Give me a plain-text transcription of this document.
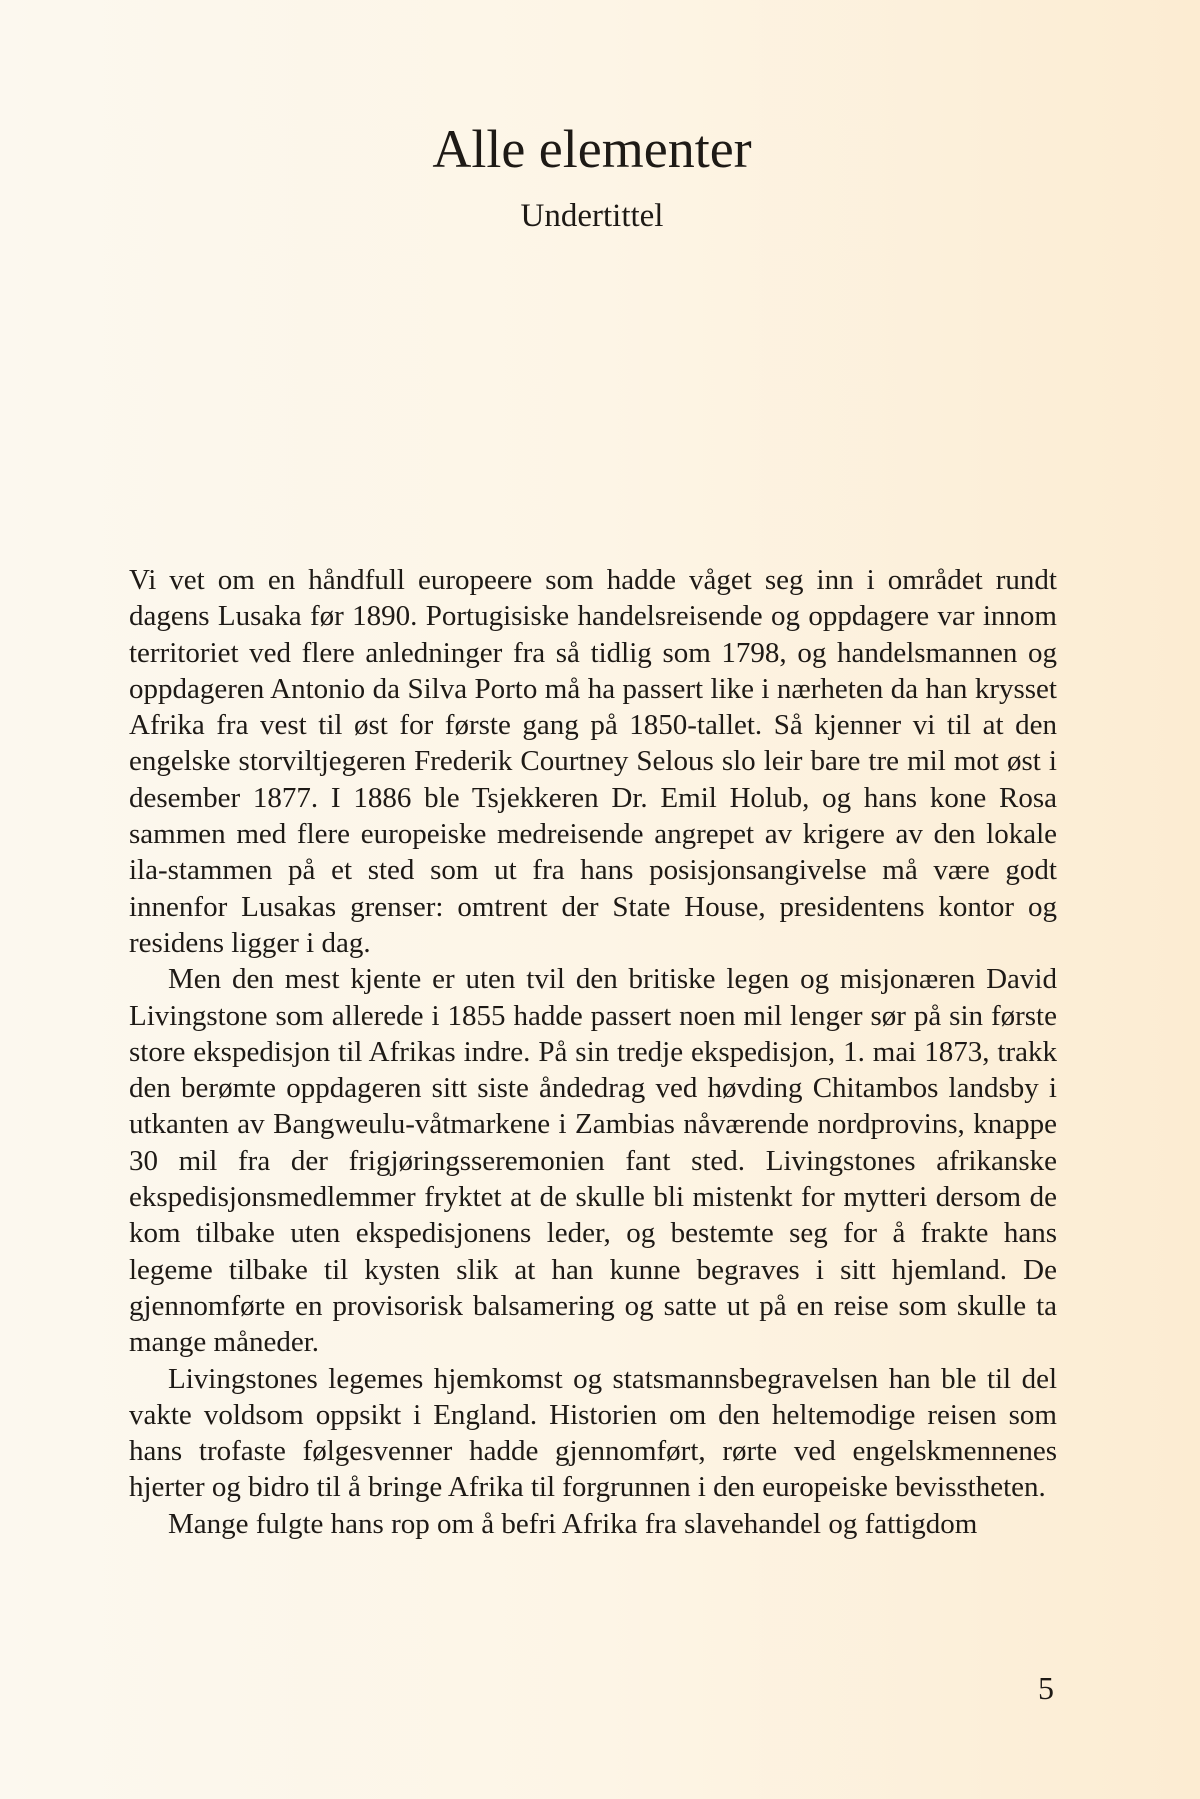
Alle elementer
Undertittel

Vi vet om en håndfull europeere som hadde våget seg inn i området rundt dagens Lusaka før 1890. Portugisiske handelsreisende og oppdagere var innom territoriet ved flere anledninger fra så tidlig som 1798, og handelsmannen og oppdageren Antonio da Silva Porto må ha passert like i nærheten da han krysset Afrika fra vest til øst for første gang på 1850-tallet. Så kjenner vi til at den engelske storviltjegeren Frederik Courtney Selous slo leir bare tre mil mot øst i desember 1877. I 1886 ble Tsjekkeren Dr. Emil Holub, og hans kone Rosa sammen med flere europeiske medreisende angrepet av krigere av den lokale ila-stammen på et sted som ut fra hans posisjonsangivelse må være godt innenfor Lusakas grenser: omtrent der State House, presidentens kontor og residens ligger i dag.

Men den mest kjente er uten tvil den britiske legen og misjonæren David Livingstone som allerede i 1855 hadde passert noen mil lenger sør på sin første store ekspedisjon til Afrikas indre. På sin tredje ekspedisjon, 1. mai 1873, trakk den berømte oppdageren sitt siste åndedrag ved høvding Chitambos landsby i utkanten av Bangweulu-våtmarkene i Zambias nåværende nordprovins, knappe 30 mil fra der frigjøringsseremonien fant sted. Livingstones afrikanske ekspedisjonsmedlemmer fryktet at de skulle bli mistenkt for mytteri dersom de kom tilbake uten ekspedisjonens leder, og bestemte seg for å frakte hans legeme tilbake til kysten slik at han kunne begraves i sitt hjemland. De gjennomførte en provisorisk balsamering og satte ut på en reise som skulle ta mange måneder.

Livingstones legemes hjemkomst og statsmannsbegravelsen han ble til del vakte voldsom oppsikt i England. Historien om den heltemodige reisen som hans trofaste følgesvenner hadde gjennomført, rørte ved engelskmennenes hjerter og bidro til å bringe Afrika til forgrunnen i den europeiske bevisstheten.

Mange fulgte hans rop om å befri Afrika fra slavehandel og fattigdom

5
